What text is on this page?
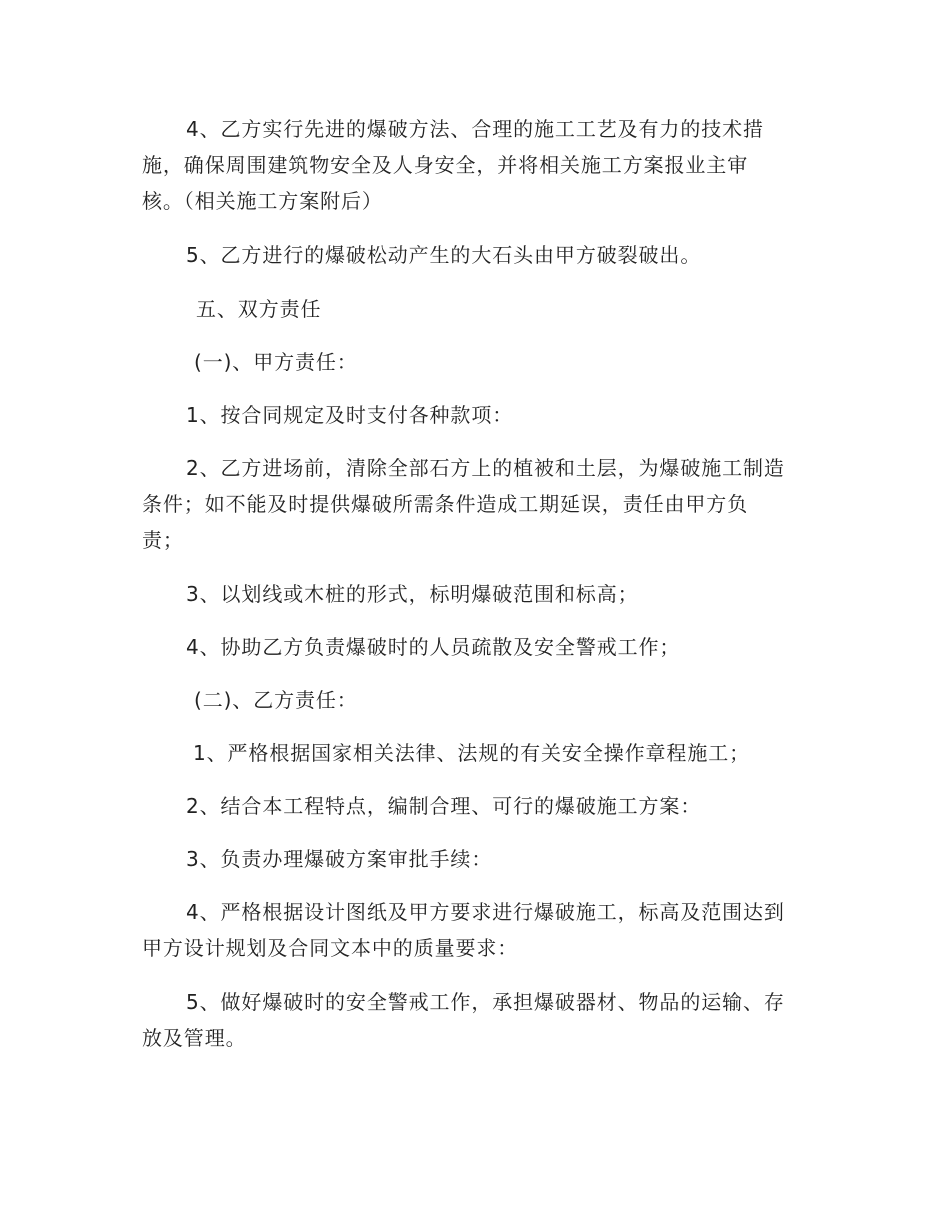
4、乙方实行先进的爆破方法、合理的施工工艺及有力的技术措
施，确保周围建筑物安全及人身安全，并将相关施工方案报业主审
核。（相关施工方案附后）
5、乙方进行的爆破松动产生的大石头由甲方破裂破出。
五、双方责任
(一)、甲方责任：
1、按合同规定及时支付各种款项：
2、乙方进场前，清除全部石方上的植被和土层，为爆破施工制造
条件；如不能及时提供爆破所需条件造成工期延误，责任由甲方负
责；
3、以划线或木桩的形式，标明爆破范围和标高；
4、协助乙方负责爆破时的人员疏散及安全警戒工作；
(二)、乙方责任：
1、严格根据国家相关法律、法规的有关安全操作章程施工；
2、结合本工程特点，编制合理、可行的爆破施工方案：
3、负责办理爆破方案审批手续：
4、严格根据设计图纸及甲方要求进行爆破施工，标高及范围达到
甲方设计规划及合同文本中的质量要求：
5、做好爆破时的安全警戒工作，承担爆破器材、物品的运输、存
放及管理。
